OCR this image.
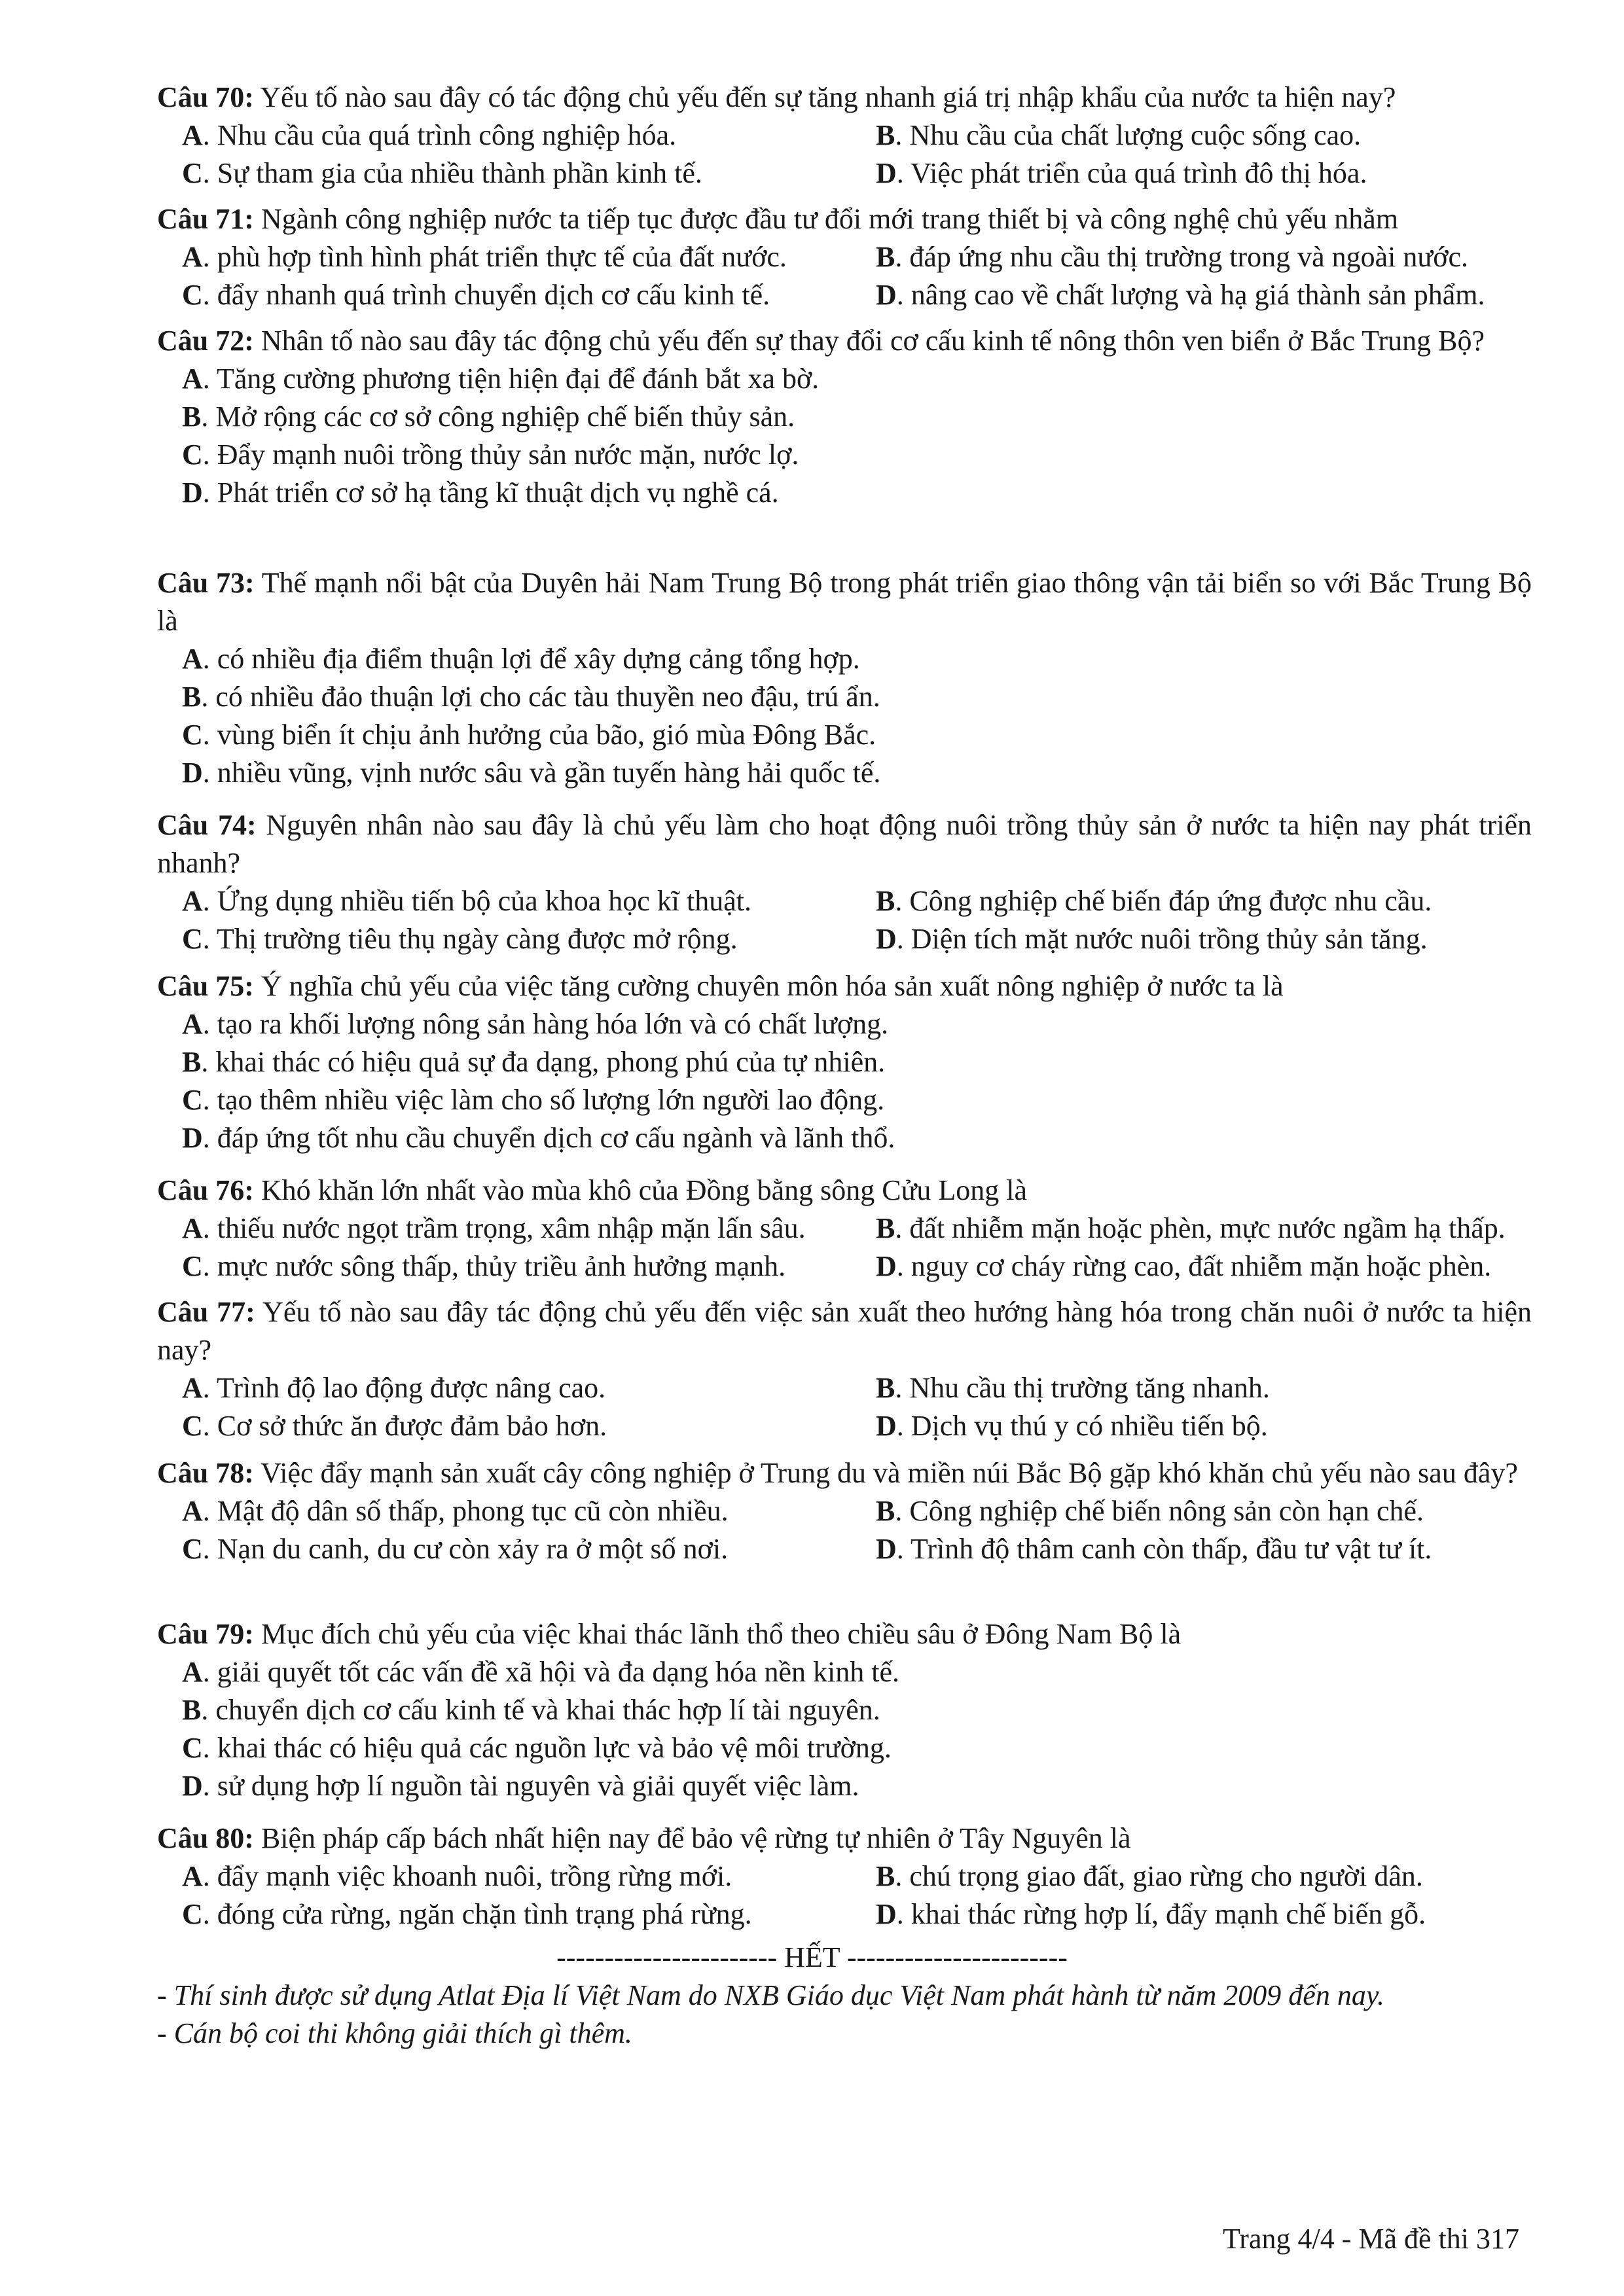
Câu 70: Yếu tố nào sau đây có tác động chủ yếu đến sự tăng nhanh giá trị nhập khẩu của nước ta hiện nay?
A. Nhu cầu của quá trình công nghiệp hóa.	B. Nhu cầu của chất lượng cuộc sống cao.
C. Sự tham gia của nhiều thành phần kinh tế.	D. Việc phát triển của quá trình đô thị hóa.
Câu 71: Ngành công nghiệp nước ta tiếp tục được đầu tư đổi mới trang thiết bị và công nghệ chủ yếu nhằm
A. phù hợp tình hình phát triển thực tế của đất nước.	B. đáp ứng nhu cầu thị trường trong và ngoài nước.
C. đẩy nhanh quá trình chuyển dịch cơ cấu kinh tế.	D. nâng cao về chất lượng và hạ giá thành sản phẩm.
Câu 72: Nhân tố nào sau đây tác động chủ yếu đến sự thay đổi cơ cấu kinh tế nông thôn ven biển ở Bắc Trung Bộ?
A. Tăng cường phương tiện hiện đại để đánh bắt xa bờ.
B. Mở rộng các cơ sở công nghiệp chế biến thủy sản.
C. Đẩy mạnh nuôi trồng thủy sản nước mặn, nước lợ.
D. Phát triển cơ sở hạ tầng kĩ thuật dịch vụ nghề cá.
Câu 73: Thế mạnh nổi bật của Duyên hải Nam Trung Bộ trong phát triển giao thông vận tải biển so với Bắc Trung Bộ là
A. có nhiều địa điểm thuận lợi để xây dựng cảng tổng hợp.
B. có nhiều đảo thuận lợi cho các tàu thuyền neo đậu, trú ẩn.
C. vùng biển ít chịu ảnh hưởng của bão, gió mùa Đông Bắc.
D. nhiều vũng, vịnh nước sâu và gần tuyến hàng hải quốc tế.
Câu 74: Nguyên nhân nào sau đây là chủ yếu làm cho hoạt động nuôi trồng thủy sản ở nước ta hiện nay phát triển nhanh?
A. Ứng dụng nhiều tiến bộ của khoa học kĩ thuật.	B. Công nghiệp chế biến đáp ứng được nhu cầu.
C. Thị trường tiêu thụ ngày càng được mở rộng.	D. Diện tích mặt nước nuôi trồng thủy sản tăng.
Câu 75: Ý nghĩa chủ yếu của việc tăng cường chuyên môn hóa sản xuất nông nghiệp ở nước ta là
A. tạo ra khối lượng nông sản hàng hóa lớn và có chất lượng.
B. khai thác có hiệu quả sự đa dạng, phong phú của tự nhiên.
C. tạo thêm nhiều việc làm cho số lượng lớn người lao động.
D. đáp ứng tốt nhu cầu chuyển dịch cơ cấu ngành và lãnh thổ.
Câu 76: Khó khăn lớn nhất vào mùa khô của Đồng bằng sông Cửu Long là
A. thiếu nước ngọt trầm trọng, xâm nhập mặn lấn sâu.	B. đất nhiễm mặn hoặc phèn, mực nước ngầm hạ thấp.
C. mực nước sông thấp, thủy triều ảnh hưởng mạnh.	D. nguy cơ cháy rừng cao, đất nhiễm mặn hoặc phèn.
Câu 77: Yếu tố nào sau đây tác động chủ yếu đến việc sản xuất theo hướng hàng hóa trong chăn nuôi ở nước ta hiện nay?
A. Trình độ lao động được nâng cao.	B. Nhu cầu thị trường tăng nhanh.
C. Cơ sở thức ăn được đảm bảo hơn.	D. Dịch vụ thú y có nhiều tiến bộ.
Câu 78: Việc đẩy mạnh sản xuất cây công nghiệp ở Trung du và miền núi Bắc Bộ gặp khó khăn chủ yếu nào sau đây?
A. Mật độ dân số thấp, phong tục cũ còn nhiều.	B. Công nghiệp chế biến nông sản còn hạn chế.
C. Nạn du canh, du cư còn xảy ra ở một số nơi.	D. Trình độ thâm canh còn thấp, đầu tư vật tư ít.
Câu 79: Mục đích chủ yếu của việc khai thác lãnh thổ theo chiều sâu ở Đông Nam Bộ là
A. giải quyết tốt các vấn đề xã hội và đa dạng hóa nền kinh tế.
B. chuyển dịch cơ cấu kinh tế và khai thác hợp lí tài nguyên.
C. khai thác có hiệu quả các nguồn lực và bảo vệ môi trường.
D. sử dụng hợp lí nguồn tài nguyên và giải quyết việc làm.
Câu 80: Biện pháp cấp bách nhất hiện nay để bảo vệ rừng tự nhiên ở Tây Nguyên là
A. đẩy mạnh việc khoanh nuôi, trồng rừng mới.	B. chú trọng giao đất, giao rừng cho người dân.
C. đóng cửa rừng, ngăn chặn tình trạng phá rừng.	D. khai thác rừng hợp lí, đẩy mạnh chế biến gỗ.
----------------------- HẾT -----------------------
- Thí sinh được sử dụng Atlat Địa lí Việt Nam do NXB Giáo dục Việt Nam phát hành từ năm 2009 đến nay.
- Cán bộ coi thi không giải thích gì thêm.
Trang 4/4 - Mã đề thi 317
